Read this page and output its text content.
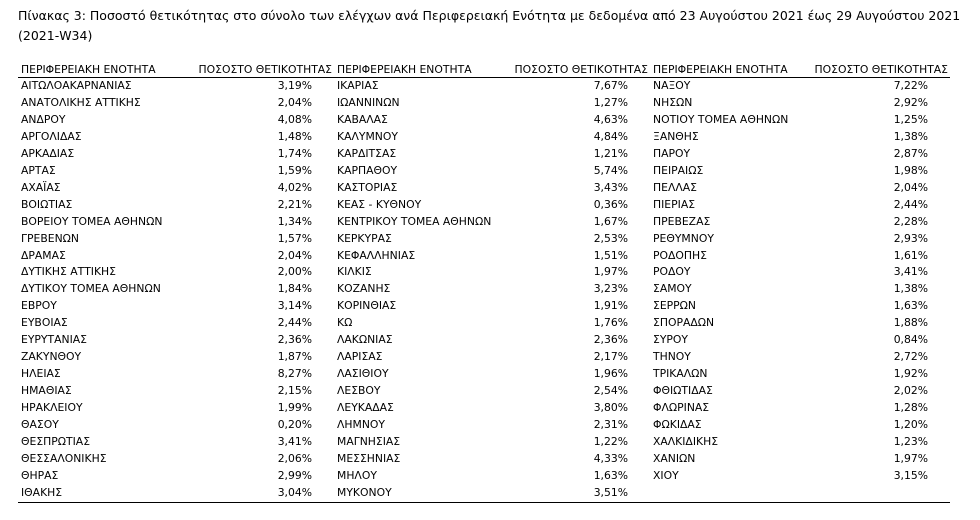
Πίνακας 3: Ποσοστό θετικότητας στο σύνολο των ελέγχων ανά Περιφερειακή Ενότητα με δεδομένα από 23 Αυγούστου 2021 έως 29 Αυγούστου 2021 (2021-W34)
ΠΕΡΙΦΕΡΕΙΑΚΗ ΕΝΟΤΗΤΑ	ΠΟΣΟΣΤΟ ΘΕΤΙΚΟΤΗΤΑΣ	ΠΕΡΙΦΕΡΕΙΑΚΗ ΕΝΟΤΗΤΑ	ΠΟΣΟΣΤΟ ΘΕΤΙΚΟΤΗΤΑΣ	ΠΕΡΙΦΕΡΕΙΑΚΗ ΕΝΟΤΗΤΑ	ΠΟΣΟΣΤΟ ΘΕΤΙΚΟΤΗΤΑΣ
ΑΙΤΩΛΟΑΚΑΡΝΑΝΙΑΣ	3,19%	ΙΚΑΡΙΑΣ	7,67%	ΝΑΞΟΥ	7,22%
ΑΝΑΤΟΛΙΚΗΣ ΑΤΤΙΚΗΣ	2,04%	ΙΩΑΝΝΙΝΩΝ	1,27%	ΝΗΣΩΝ	2,92%
ΑΝΔΡΟΥ	4,08%	ΚΑΒΑΛΑΣ	4,63%	ΝΟΤΙΟΥ ΤΟΜΕΑ ΑΘΗΝΩΝ	1,25%
ΑΡΓΟΛΙΔΑΣ	1,48%	ΚΑΛΥΜΝΟΥ	4,84%	ΞΑΝΘΗΣ	1,38%
ΑΡΚΑΔΙΑΣ	1,74%	ΚΑΡΔΙΤΣΑΣ	1,21%	ΠΑΡΟΥ	2,87%
ΑΡΤΑΣ	1,59%	ΚΑΡΠΑΘΟΥ	5,74%	ΠΕΙΡΑΙΩΣ	1,98%
ΑΧΑΪΑΣ	4,02%	ΚΑΣΤΟΡΙΑΣ	3,43%	ΠΕΛΛΑΣ	2,04%
ΒΟΙΩΤΙΑΣ	2,21%	ΚΕΑΣ - ΚΥΘΝΟΥ	0,36%	ΠΙΕΡΙΑΣ	2,44%
ΒΟΡΕΙΟΥ ΤΟΜΕΑ ΑΘΗΝΩΝ	1,34%	ΚΕΝΤΡΙΚΟΥ ΤΟΜΕΑ ΑΘΗΝΩΝ	1,67%	ΠΡΕΒΕΖΑΣ	2,28%
ΓΡΕΒΕΝΩΝ	1,57%	ΚΕΡΚΥΡΑΣ	2,53%	ΡΕΘΥΜΝΟΥ	2,93%
ΔΡΑΜΑΣ	2,04%	ΚΕΦΑΛΛΗΝΙΑΣ	1,51%	ΡΟΔΟΠΗΣ	1,61%
ΔΥΤΙΚΗΣ ΑΤΤΙΚΗΣ	2,00%	ΚΙΛΚΙΣ	1,97%	ΡΟΔΟΥ	3,41%
ΔΥΤΙΚΟΥ ΤΟΜΕΑ ΑΘΗΝΩΝ	1,84%	ΚΟΖΑΝΗΣ	3,23%	ΣΑΜΟΥ	1,38%
ΕΒΡΟΥ	3,14%	ΚΟΡΙΝΘΙΑΣ	1,91%	ΣΕΡΡΩΝ	1,63%
ΕΥΒΟΙΑΣ	2,44%	ΚΩ	1,76%	ΣΠΟΡΑΔΩΝ	1,88%
ΕΥΡΥΤΑΝΙΑΣ	2,36%	ΛΑΚΩΝΙΑΣ	2,36%	ΣΥΡΟΥ	0,84%
ΖΑΚΥΝΘΟΥ	1,87%	ΛΑΡΙΣΑΣ	2,17%	ΤΗΝΟΥ	2,72%
ΗΛΕΙΑΣ	8,27%	ΛΑΣΙΘΙΟΥ	1,96%	ΤΡΙΚΑΛΩΝ	1,92%
ΗΜΑΘΙΑΣ	2,15%	ΛΕΣΒΟΥ	2,54%	ΦΘΙΩΤΙΔΑΣ	2,02%
ΗΡΑΚΛΕΙΟΥ	1,99%	ΛΕΥΚΑΔΑΣ	3,80%	ΦΛΩΡΙΝΑΣ	1,28%
ΘΑΣΟΥ	0,20%	ΛΗΜΝΟΥ	2,31%	ΦΩΚΙΔΑΣ	1,20%
ΘΕΣΠΡΩΤΙΑΣ	3,41%	ΜΑΓΝΗΣΙΑΣ	1,22%	ΧΑΛΚΙΔΙΚΗΣ	1,23%
ΘΕΣΣΑΛΟΝΙΚΗΣ	2,06%	ΜΕΣΣΗΝΙΑΣ	4,33%	ΧΑΝΙΩΝ	1,97%
ΘΗΡΑΣ	2,99%	ΜΗΛΟΥ	1,63%	ΧΙΟΥ	3,15%
ΙΘΑΚΗΣ	3,04%	ΜΥΚΟΝΟΥ	3,51%		
